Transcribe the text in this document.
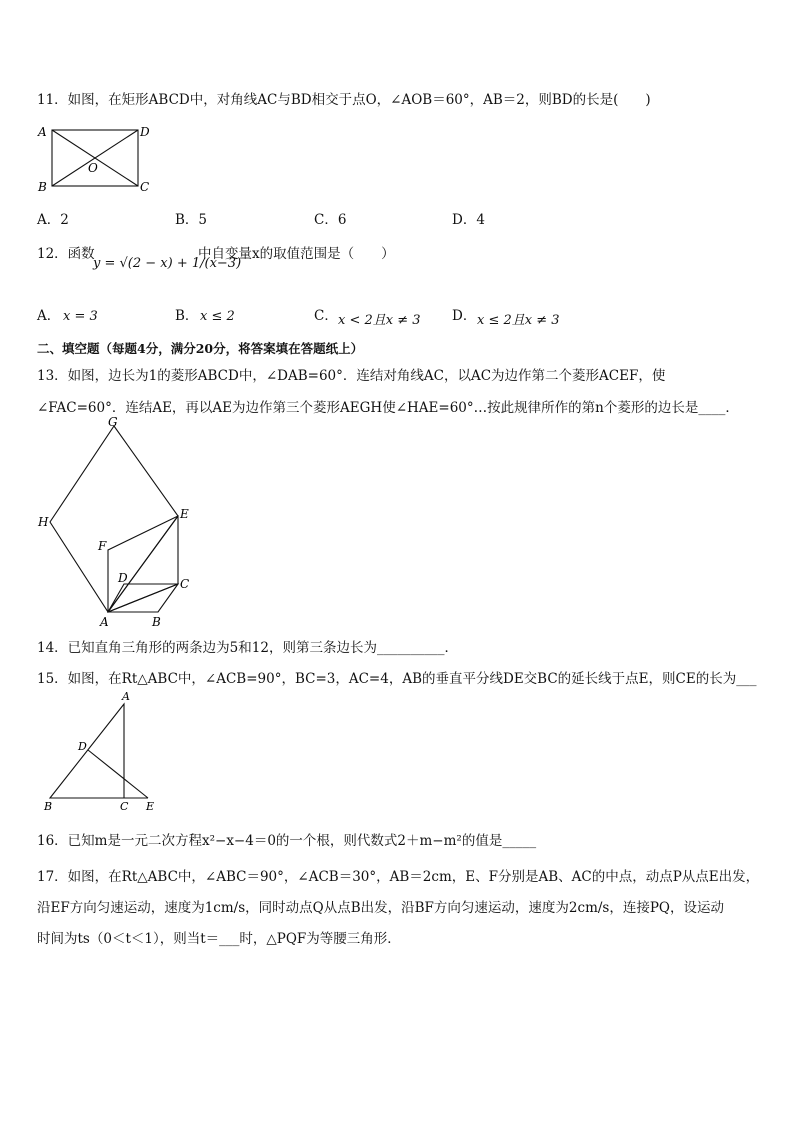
11．如图，在矩形ABCD中，对角线AC与BD相交于点O，∠AOB＝60°，AB＝2，则BD的长是(　　)
A	D
B	C
O
A．2	B．5	C．6	D．4
12．函数
y = √(2 − x) + 1/(x−3)
中自变量x的取值范围是（　　）
A． x = 3	B． x ≤ 2	C． x < 2且x ≠ 3 D． x ≤ 2且x ≠ 3
二、填空题（每题4分，满分20分，将答案填在答题纸上）
13．如图，边长为1的菱形ABCD中，∠DAB=60°．连结对角线AC，以AC为边作第二个菱形ACEF，使
∠FAC=60°．连结AE，再以AE为边作第三个菱形AEGH使∠HAE=60°…按此规律所作的第n个菱形的边长是____．
G
H
E
F
D	C
A	B
14．已知直角三角形的两条边为5和12，则第三条边长为__________．
15．如图，在Rt△ABC中，∠ACB=90°，BC=3，AC=4，AB的垂直平分线DE交BC的延长线于点E，则CE的长为___
A
D
B	C E
16．已知m是一元二次方程x²−x−4＝0的一个根，则代数式2＋m−m²的值是_____
17．如图，在Rt△ABC中，∠ABC＝90°，∠ACB＝30°，AB＝2cm，E、F分别是AB、AC的中点，动点P从点E出发，
沿EF方向匀速运动，速度为1cm/s，同时动点Q从点B出发，沿BF方向匀速运动，速度为2cm/s，连接PQ，设运动
时间为ts（0＜t＜1），则当t＝___时，△PQF为等腰三角形．
